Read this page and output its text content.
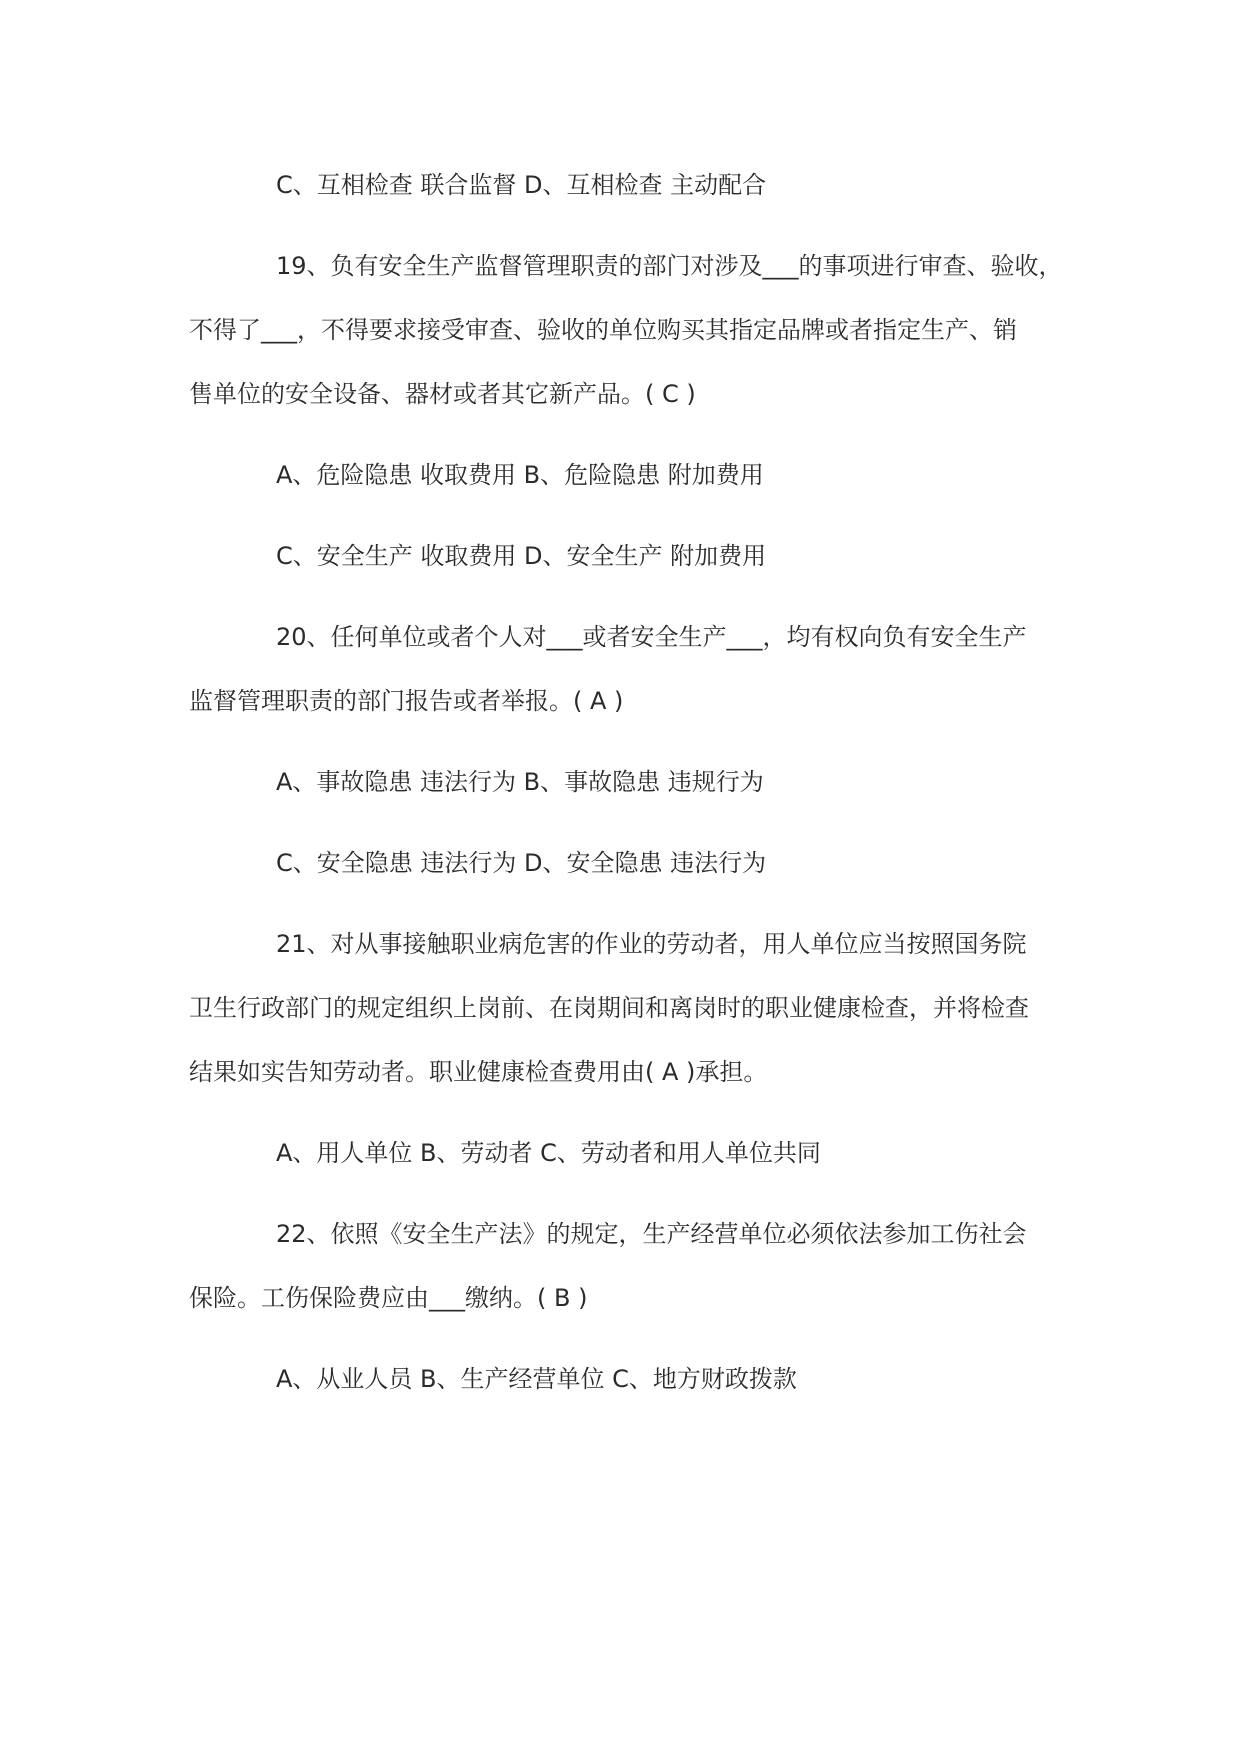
C、互相检查 联合监督 D、互相检查 主动配合
19、负有安全生产监督管理职责的部门对涉及___的事项进行审查、验收，
不得了___，不得要求接受审查、验收的单位购买其指定品牌或者指定生产、销
售单位的安全设备、器材或者其它新产品。( C )
A、危险隐患 收取费用 B、危险隐患 附加费用
C、安全生产 收取费用 D、安全生产 附加费用
20、任何单位或者个人对___或者安全生产___，均有权向负有安全生产
监督管理职责的部门报告或者举报。( A )
A、事故隐患 违法行为 B、事故隐患 违规行为
C、安全隐患 违法行为 D、安全隐患 违法行为
21、对从事接触职业病危害的作业的劳动者，用人单位应当按照国务院
卫生行政部门的规定组织上岗前、在岗期间和离岗时的职业健康检查，并将检查
结果如实告知劳动者。职业健康检查费用由( A )承担。
A、用人单位 B、劳动者 C、劳动者和用人单位共同
22、依照《安全生产法》的规定，生产经营单位必须依法参加工伤社会
保险。工伤保险费应由___缴纳。( B )
A、从业人员 B、生产经营单位 C、地方财政拨款
